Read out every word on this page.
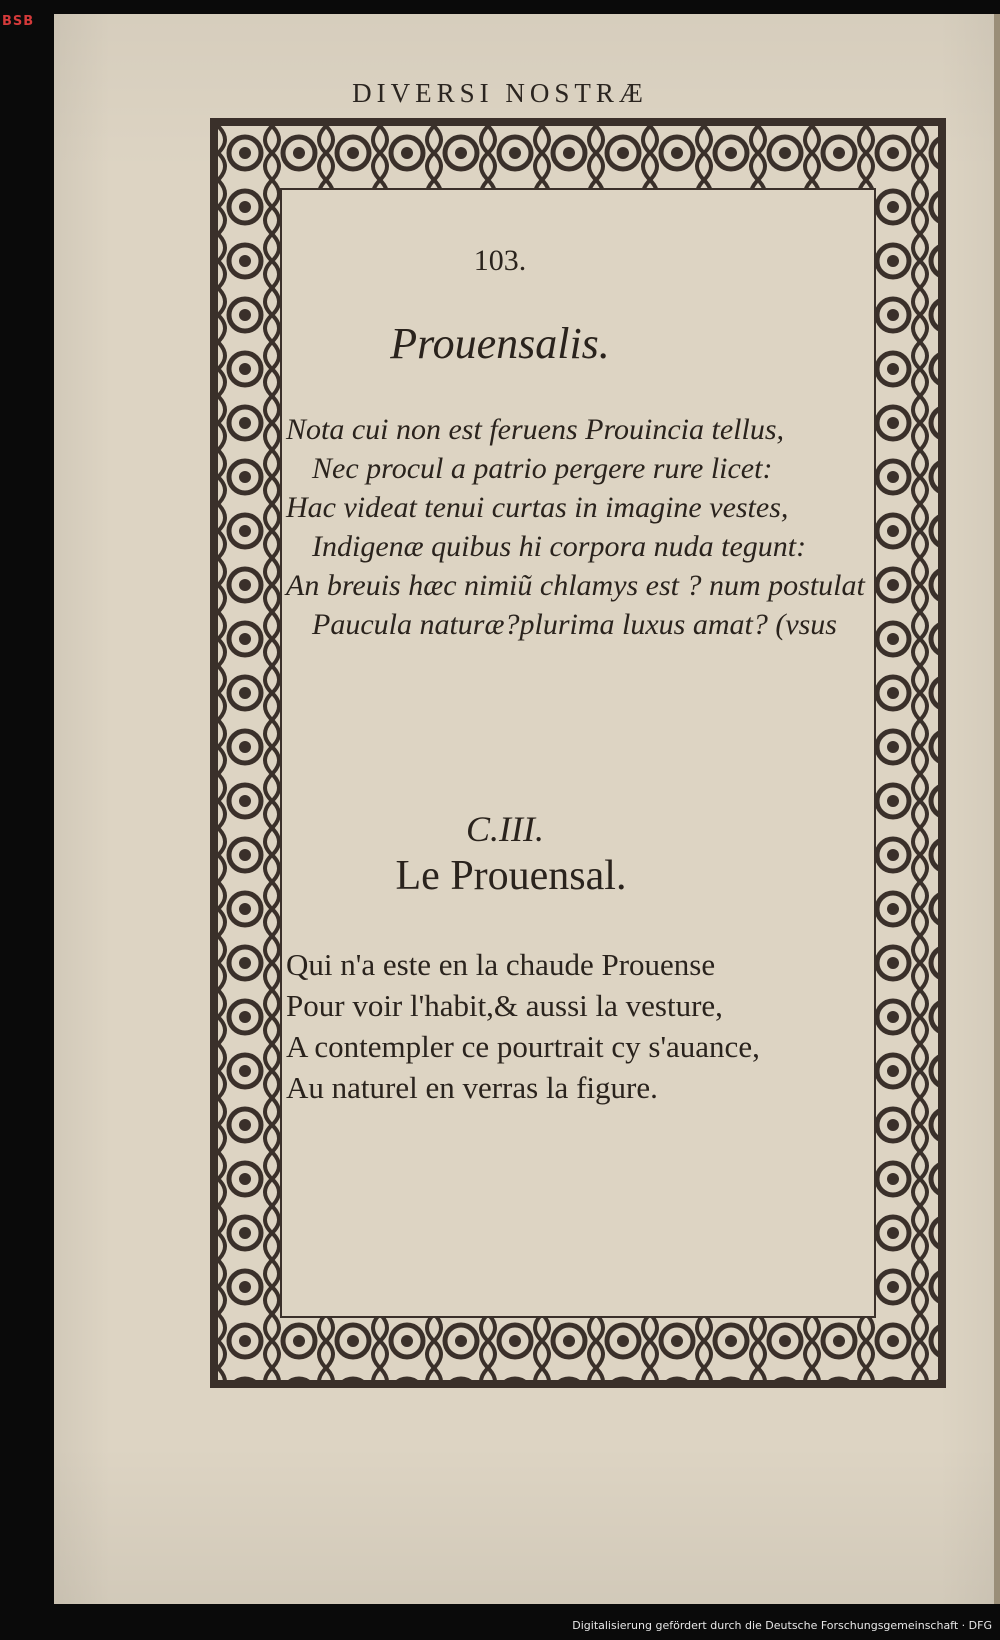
BSB
DIVERSI NOSTRÆ
103.
Prouensalis.
Nota cui non est feruens Prouincia tellus,
Nec procul a patrio pergere rure licet:
Hac videat tenui curtas in imagine vestes,
Indigenæ quibus hi corpora nuda tegunt:
An breuis hæc nimiũ chlamys est ? num postulat
Paucula naturæ?plurima luxus amat? (vsus
C.III.
Le Prouensal.
Qui n'a este en la chaude Prouense
Pour voir l'habit,& aussi la vesture,
A contempler ce pourtrait cy s'auance,
Au naturel en verras la figure.
Digitalisierung gefördert durch die Deutsche Forschungsgemeinschaft · DFG
